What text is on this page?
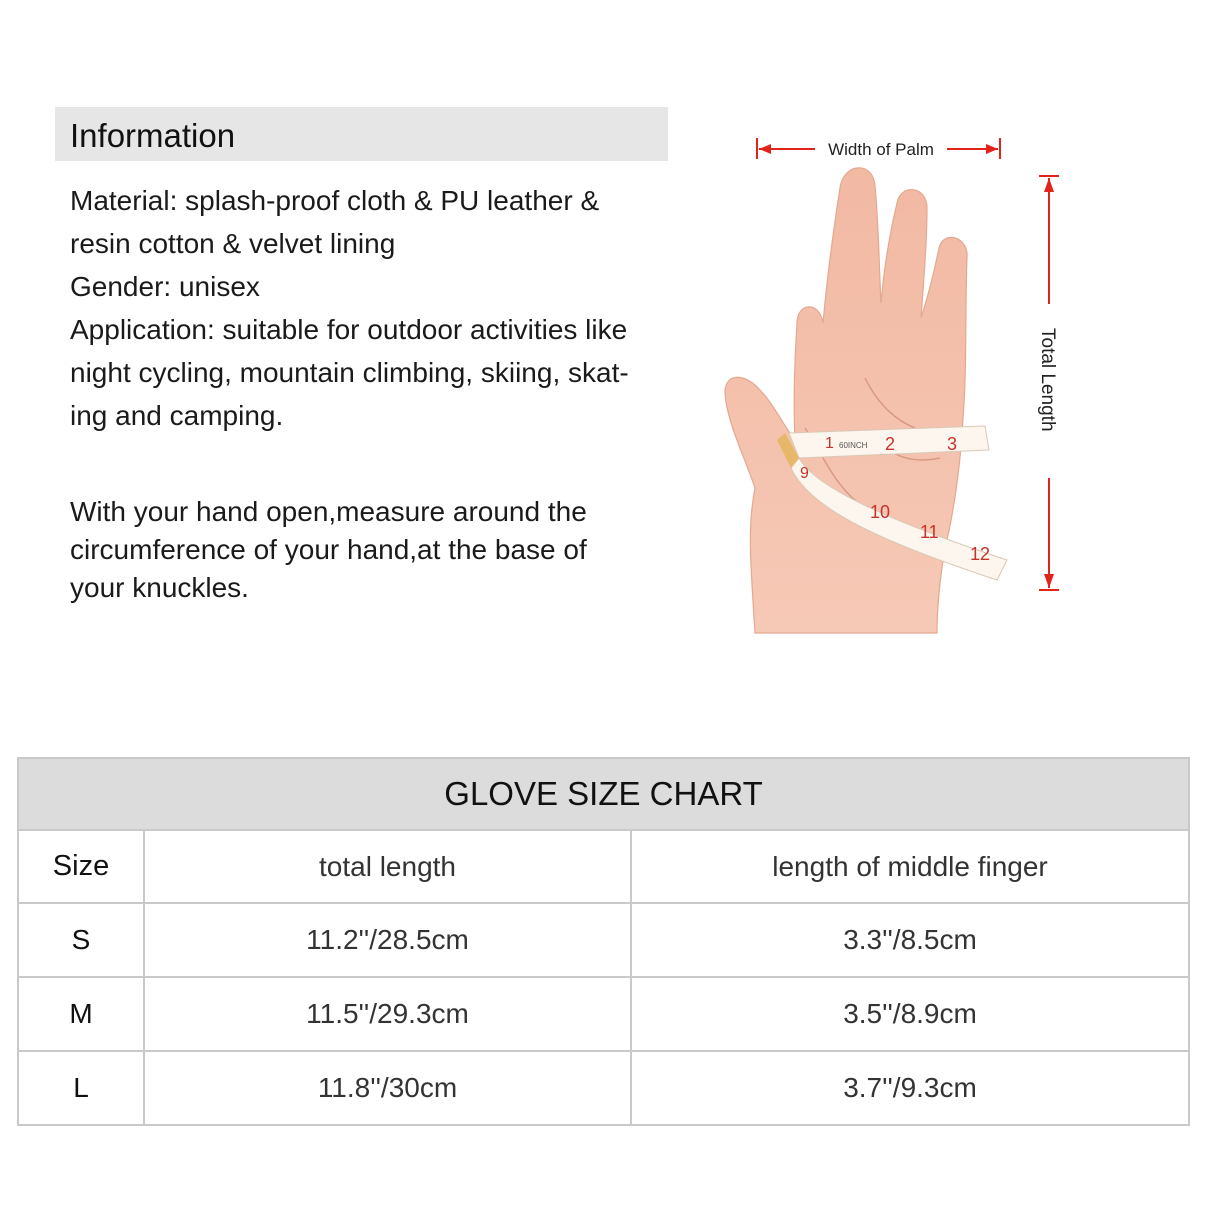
Information

Material: splash-proof cloth & PU leather &

resin cotton & velvet lining

Gender: unisex

Application: suitable for outdoor activities like

night cycling, mountain climbing, skiing, skat-

ing and camping.

With your hand open,measure around the
circumference of your hand,at the base of
your knuckles.
Width of Palm
Total Length
1 60INCH 2	3
9
10
11
12
GLOVE SIZE CHART		
Size	total length	length of middle finger
S	11.2''/28.5cm	3.3''/8.5cm
M	11.5''/29.3cm	3.5''/8.9cm
L	11.8''/30cm	3.7''/9.3cm
